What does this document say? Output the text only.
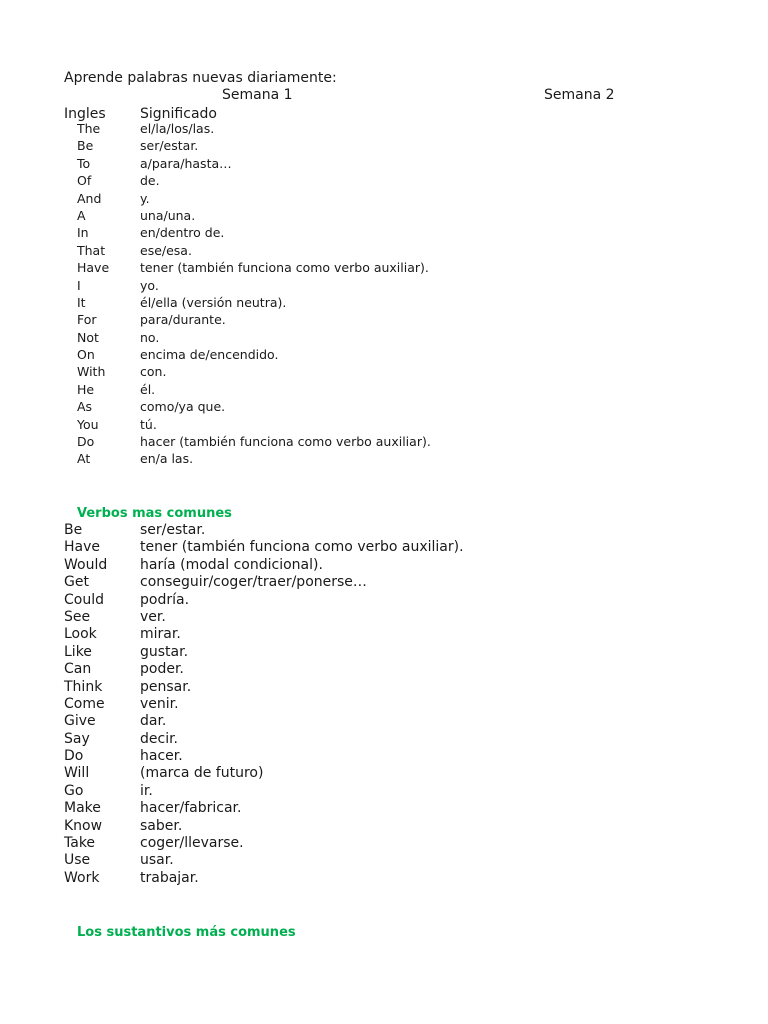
Aprende palabras nuevas diariamente:
Semana 1	Semana 2
Ingles Significado
The	el/la/los/las.
Be	ser/estar.
To	a/para/hasta…
Of	de.
And	y.
A	una/una.
In	en/dentro de.
That	ese/esa.
Have tener (también funciona como verbo auxiliar).
I	yo.
It	él/ella (versión neutra).
For	para/durante.
Not	no.
On	encima de/encendido.
With	con.
He	él.
As	como/ya que.
You	tú.
Do	hacer (también funciona como verbo auxiliar).
At	en/a las.
Verbos mas comunes
Be	ser/estar.
Have	tener (también funciona como verbo auxiliar).
Would haría (modal condicional).
Get	conseguir/coger/traer/ponerse…
Could	podría.
See	ver.
Look	mirar.
Like	gustar.
Can	poder.
Think	pensar.
Come	venir.
Give	dar.
Say	decir.
Do	hacer.
Will	(marca de futuro)
Go	ir.
Make	hacer/fabricar.
Know	saber.
Take	coger/llevarse.
Use	usar.
Work	trabajar.
Los sustantivos más comunes
